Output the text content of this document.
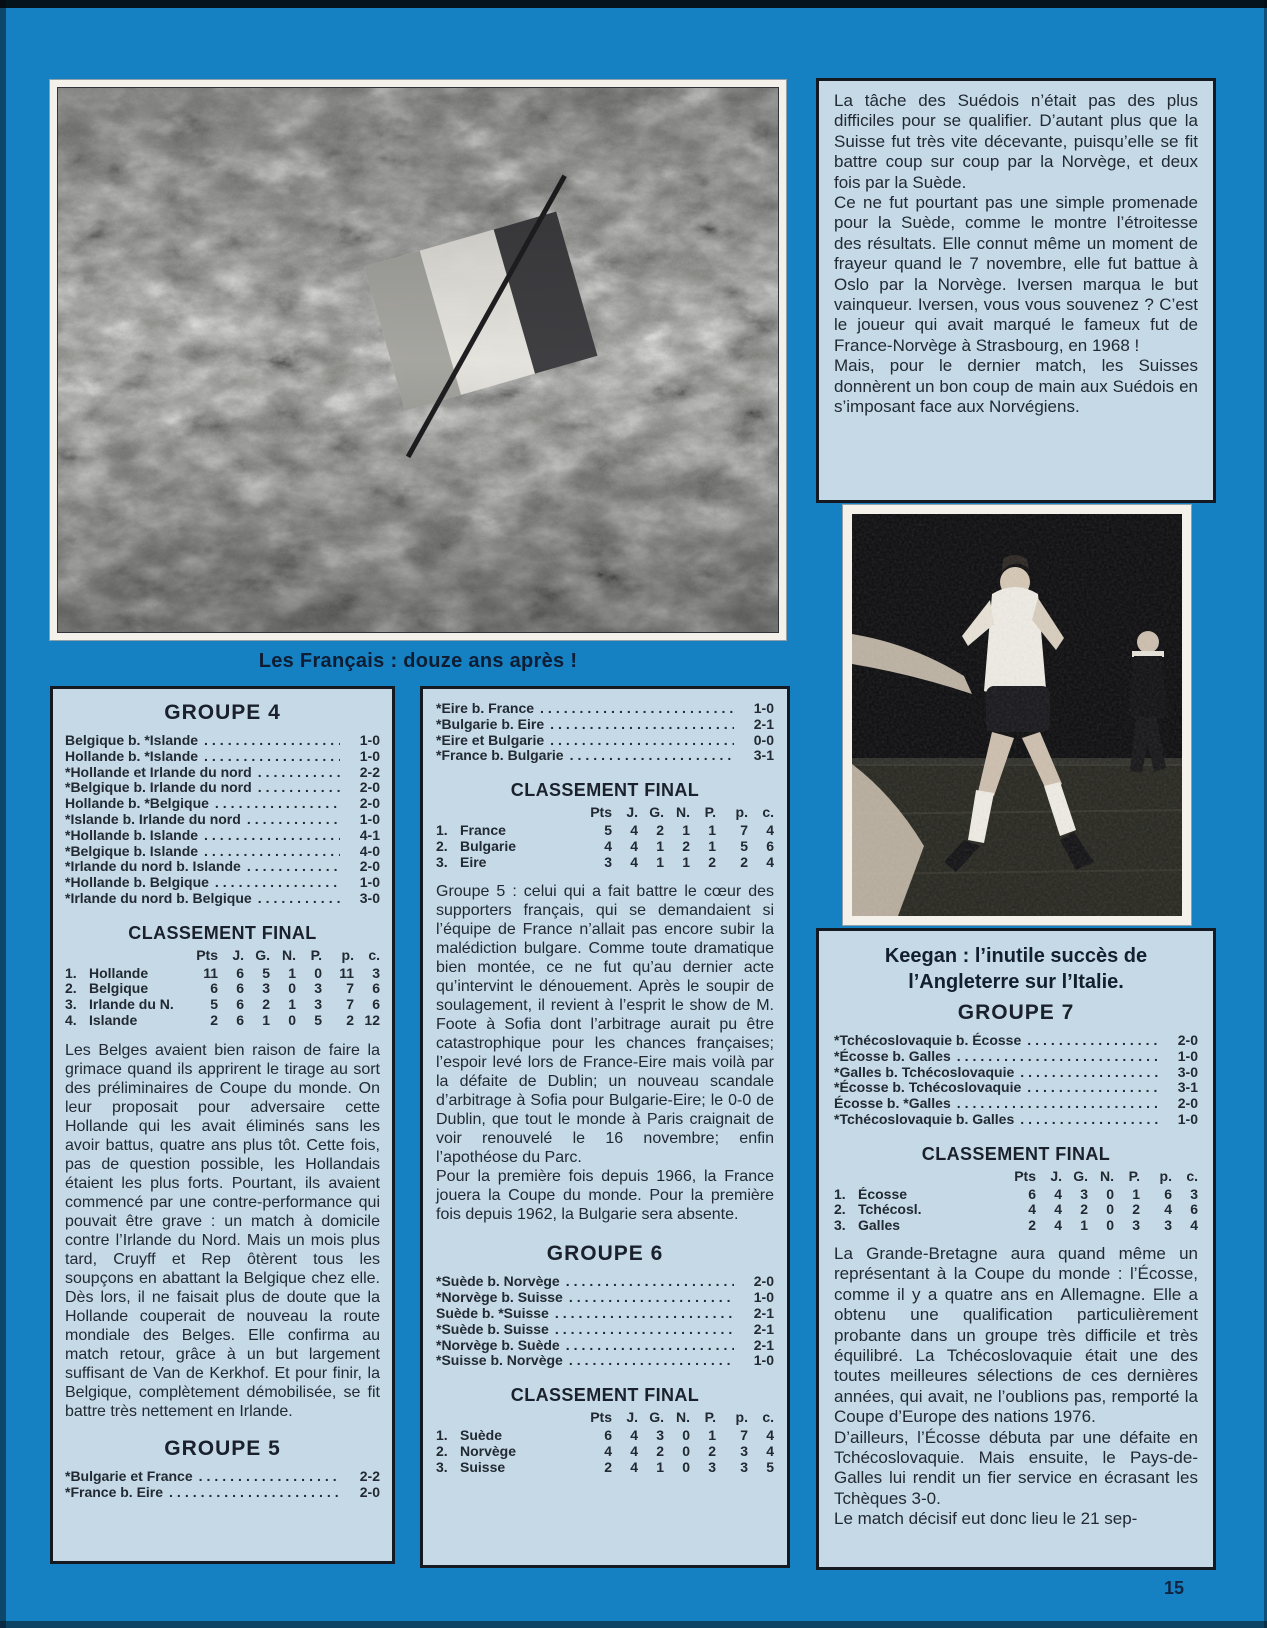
Les Français : douze ans après !
GROUPE 4
Belgique b. *Islande .....	1-0
Hollande b. *Islande .....	1-0
*Hollande et Irlande du nord .....	2-2
*Belgique b. Irlande du nord .....	2-0
Hollande b. *Belgique .....	2-0
*Islande b. Irlande du nord .....	1-0
*Hollande b. Islande .....	4-1
*Belgique b. Islande .....	4-0
*Irlande du nord b. Islande .....	2-0
*Hollande b. Belgique .....	1-0
*Irlande du nord b. Belgique .....	3-0
CLASSEMENT FINAL
Pts	J. G. N.	P.	p.	c.
1. Hollande	11	6	5	1	0	11	3
2. Belgique	6	6	3	0	3	7	6
3. Irlande du N.	5	6	2	1	3	7	6
4. Islande	2	6	1	0	5	2 12

Les Belges avaient bien raison de faire la grimace quand ils apprirent le tirage au sort des préliminaires de Coupe du monde. On leur proposait pour adversaire cette Hollande qui les avait éliminés sans les avoir battus, quatre ans plus tôt. Cette fois, pas de question possible, les Hollandais étaient les plus forts. Pourtant, ils avaient commencé par une contre-performance qui pouvait être grave : un match à domicile contre l’Irlande du Nord. Mais un mois plus tard, Cruyff et Rep ôtèrent tous les soupçons en abattant la Belgique chez elle. Dès lors, il ne faisait plus de doute que la Hollande couperait de nouveau la route mondiale des Belges. Elle confirma au match retour, grâce à un but largement suffisant de Van de Kerkhof. Et pour finir, la Belgique, complètement démobilisée, se fit battre très nettement en Irlande.

GROUPE 5
*Bulgarie et France .....	2-2
*France b. Eire .....	2-0
*Eire b. France .....	1-0
*Bulgarie b. Eire .....	2-1
*Eire et Bulgarie .....	0-0
*France b. Bulgarie .....	3-1
CLASSEMENT FINAL
Pts	J. G. N.	P.	p.	c.
1. France	5	4	2	1	1	7	4
2. Bulgarie	4	4	1	2	1	5	6
3. Eire	3	4	1	1	2	2	4

Groupe 5 : celui qui a fait battre le cœur des supporters français, qui se demandaient si l’équipe de France n’allait pas encore subir la malédiction bulgare. Comme toute dramatique bien montée, ce ne fut qu’au dernier acte qu’intervint le dénouement. Après le soupir de soulagement, il revient à l’esprit le show de M. Foote à Sofia dont l’arbitrage aurait pu être catastrophique pour les chances françaises; l’espoir levé lors de France-Eire mais voilà par la défaite de Dublin; un nouveau scandale d’arbitrage à Sofia pour Bulgarie-Eire; le 0-0 de Dublin, que tout le monde à Paris craignait de voir renouvelé le 16 novembre; enfin l’apothéose du Parc.

Pour la première fois depuis 1966, la France jouera la Coupe du monde. Pour la première fois depuis 1962, la Bulgarie sera absente.

GROUPE 6
*Suède b. Norvège .....	2-0
*Norvège b. Suisse .....	1-0
Suède b. *Suisse .....	2-1
*Suède b. Suisse .....	2-1
*Norvège b. Suède .....	2-1
*Suisse b. Norvège .....	1-0
CLASSEMENT FINAL
Pts	J. G. N.	P.	p.	c.
1. Suède	6	4	3	0	1	7	4
2. Norvège	4	4	2	0	2	3	4
3. Suisse	2	4	1	0	3	3	5

La tâche des Suédois n’était pas des plus difficiles pour se qualifier. D’autant plus que la Suisse fut très vite décevante, puisqu’elle se fit battre coup sur coup par la Norvège, et deux fois par la Suède.

Ce ne fut pourtant pas une simple promenade pour la Suède, comme le montre l’étroitesse des résultats. Elle connut même un moment de frayeur quand le 7 novembre, elle fut battue à Oslo par la Norvège. Iversen marqua le but vainqueur. Iversen, vous vous souvenez ? C’est le joueur qui avait marqué le fameux fut de France-Norvège à Strasbourg, en 1968 !

Mais, pour le dernier match, les Suisses donnèrent un bon coup de main aux Suédois en s’imposant face aux Norvégiens.

Keegan : l’inutile succès de l’Angleterre sur l’Italie.
GROUPE 7
*Tchécoslovaquie b. Écosse .....	2-0
*Écosse b. Galles .....	1-0
*Galles b. Tchécoslovaquie .....	3-0
*Écosse b. Tchécoslovaquie .....	3-1
Écosse b. *Galles .....	2-0
*Tchécoslovaquie b. Galles .....	1-0
CLASSEMENT FINAL
Pts	J. G. N.	P.	p.	c.
1. Écosse	6	4	3	0	1	6	3
2. Tchécosl.	4	4	2	0	2	4	6
3. Galles	2	4	1	0	3	3	4

La Grande-Bretagne aura quand même un représentant à la Coupe du monde : l’Écosse, comme il y a quatre ans en Allemagne. Elle a obtenu une qualification particulièrement probante dans un groupe très difficile et très équilibré. La Tchécoslovaquie était une des toutes meilleures sélections de ces dernières années, qui avait, ne l’oublions pas, remporté la Coupe d’Europe des nations 1976.

D’ailleurs, l’Écosse débuta par une défaite en Tchécoslovaquie. Mais ensuite, le Pays-de-Galles lui rendit un fier service en écrasant les Tchèques 3-0.

Le match décisif eut donc lieu le 21 sep-

15
